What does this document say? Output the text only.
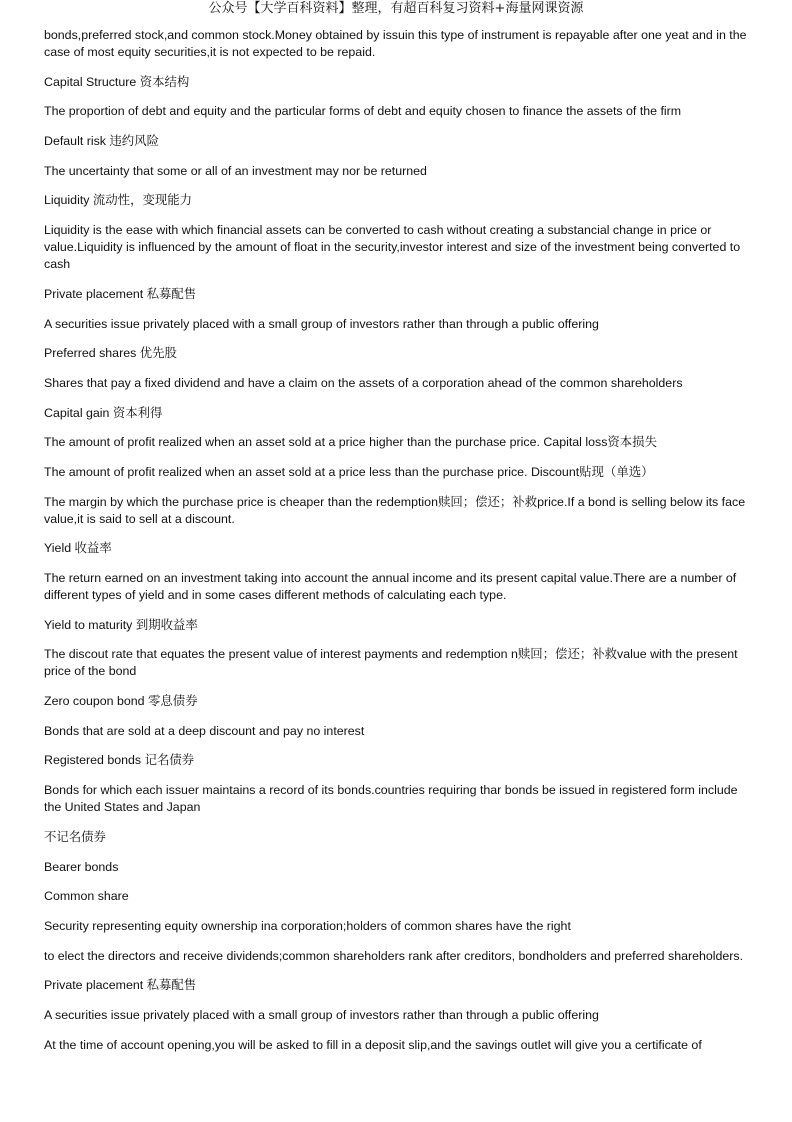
公众号【大学百科资料】整理，有超百科复习资料+海量网课资源

bonds,preferred stock,and common stock.Money obtained by issuin this type of instrument is repayable after one yeat and in the case of most equity securities,it is not expected to be repaid.

Capital Structure 资本结构

The proportion of debt and equity and the particular forms of debt and equity chosen to finance the assets of the firm

Default risk 违约风险

The uncertainty that some or all of an investment may nor be returned

Liquidity 流动性，变现能力

Liquidity is the ease with which financial assets can be converted to cash without creating a substancial change in price or value.Liquidity is influenced by the amount of float in the security,investor interest and size of the investment being converted to cash

Private placement 私募配售

A securities issue privately placed with a small group of investors rather than through a public offering

Preferred shares 优先股

Shares that pay a fixed dividend and have a claim on the assets of a corporation ahead of the common shareholders

Capital gain 资本利得

The amount of profit realized when an asset sold at a price higher than the purchase price. Capital loss资本损失

The amount of profit realized when an asset sold at a price less than the purchase price. Discount贴现（单选）

The margin by which the purchase price is cheaper than the redemption赎回；偿还；补救price.If a bond is selling below its face value,it is said to sell at a discount.

Yield 收益率

The return earned on an investment taking into account the annual income and its present capital value.There are a number of different types of yield and in some cases different methods of calculating each type.

Yield to maturity 到期收益率

The discout rate that equates the present value of interest payments and redemption n赎回；偿还；补救value with the present price of the bond

Zero coupon bond 零息债券

Bonds that are sold at a deep discount and pay no interest

Registered bonds 记名债券

Bonds for which each issuer maintains a record of its bonds.countries requiring thar bonds be issued in registered form include the United States and Japan

不记名债券

Bearer bonds

Common share

Security representing equity ownership ina corporation;holders of common shares have the right

to elect the directors and receive dividends;common shareholders rank after creditors, bondholders and preferred shareholders.

Private placement 私募配售

A securities issue privately placed with a small group of investors rather than through a public offering

At the time of account opening,you will be asked to fill in a deposit slip,and the savings outlet will give you a certificate of
